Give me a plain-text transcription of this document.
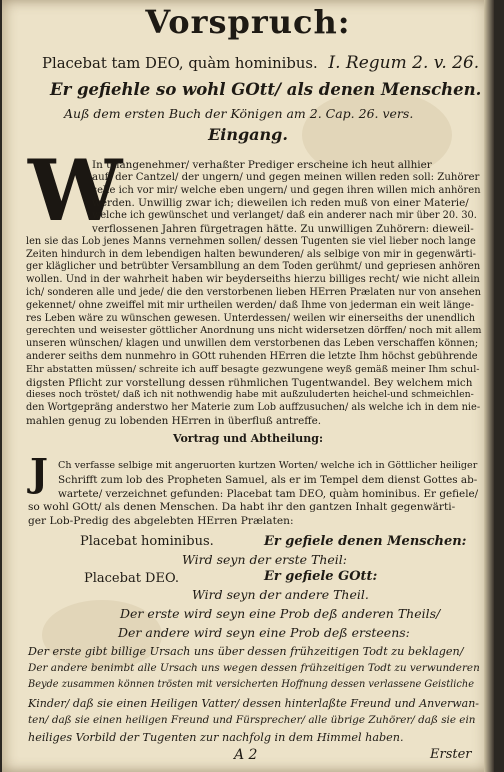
Vorspruch:
Placebat tam DEO, quàm hominibus. I. Regum 2. v. 26.
Er gefiehle so wohl GOtt/ als denen Menschen.
Auß dem ersten Buch der Königen am 2. Cap. 26. vers.
Eingang.
W
In unangenehmer/ verhaßter Prediger erscheine ich heut allhier
auff der Cantzel/ der ungern/ und gegen meinen willen reden soll: Zuhörer
sehe ich vor mir/ welche eben ungern/ und gegen ihren willen mich anhören
werden. Unwillig zwar ich; dieweilen ich reden muß von einer Materie/
welche ich gewünschet und verlanget/ daß ein anderer nach mir über 20. 30.
verflossenen Jahren fürgetragen hätte. Zu unwilligen Zuhörern: dieweil-
len sie das Lob jenes Manns vernehmen sollen/ dessen Tugenten sie viel lieber noch lange
Zeiten hindurch in dem lebendigen halten bewunderen/ als selbige von mir in gegenwärti-
ger kläglicher und betrübter Versambllung an dem Toden gerühmt/ und gepriesen anhören
wollen. Und in der wahrheit haben wir beyderseiths hierzu billiges recht/ wie nicht allein
ich/ sonderen alle und jede/ die den verstorbenen lieben HErren Prælaten nur von ansehen
gekennet/ ohne zweiffel mit mir urtheilen werden/ daß Ihme von jederman ein weit länge-
res Leben wäre zu wünschen gewesen. Unterdessen/ weilen wir einerseiths der unendlich
gerechten und weisester göttlicher Anordnung uns nicht widersetzen dörffen/ noch mit allem
unseren wünschen/ klagen und unwillen dem verstorbenen das Leben verschaffen können;
anderer seiths dem nunmehro in GOtt ruhenden HErren die letzte Ihm höchst gebührende
Ehr abstatten müssen/ schreite ich auff besagte gezwungene weyß gemäß meiner Ihm schul-
digsten Pflicht zur vorstellung dessen rühmlichen Tugentwandel. Bey welchem mich
dieses noch tröstet/ daß ich nit nothwendig habe mit außzuluderten heichel-und schmeichlen-
den Wortgepräng anderstwo her Materie zum Lob auffzusuchen/ als welche ich in dem nie-
mahlen genug zu lobenden HErren in überfluß antreffe.
Vortrag und Abtheilung:
J	Ch verfasse selbige mit angeruorten kurtzen Worten/ welche ich in Göttlicher heiliger
Schrifft zum lob des Propheten Samuel, als er im Tempel dem dienst Gottes ab-
wartete/ verzeichnet gefunden: Placebat tam DEO, quàm hominibus. Er gefiele/
so wohl GOtt/ als denen Menschen. Da habt ihr den gantzen Inhalt gegenwärti-
ger Lob-Predig des abgelebten HErren Prælaten:
Placebat hominibus.	Er gefiele denen Menschen:
Wird seyn der erste Theil:
Placebat DEO.	Er gefiele GOtt:
Wird seyn der andere Theil.
Der erste wird seyn eine Prob deß anderen Theils/
Der andere wird seyn eine Prob deß ersteens:
Der erste gibt billige Ursach uns über dessen frühzeitigen Todt zu beklagen/
Der andere benimbt alle Ursach uns wegen dessen frühzeitigen Todt zu verwunderen
Beyde zusammen können trösten mit versicherten Hoffnung dessen verlassene Geistliche
Kinder/ daß sie einen Heiligen Vatter/ dessen hinterlaßte Freund und Anverwan-
ten/ daß sie einen heiligen Freund und Fürsprecher/ alle übrige Zuhörer/ daß sie ein
heiliges Vorbild der Tugenten zur nachfolg in dem Himmel haben.
A 2	Erster
